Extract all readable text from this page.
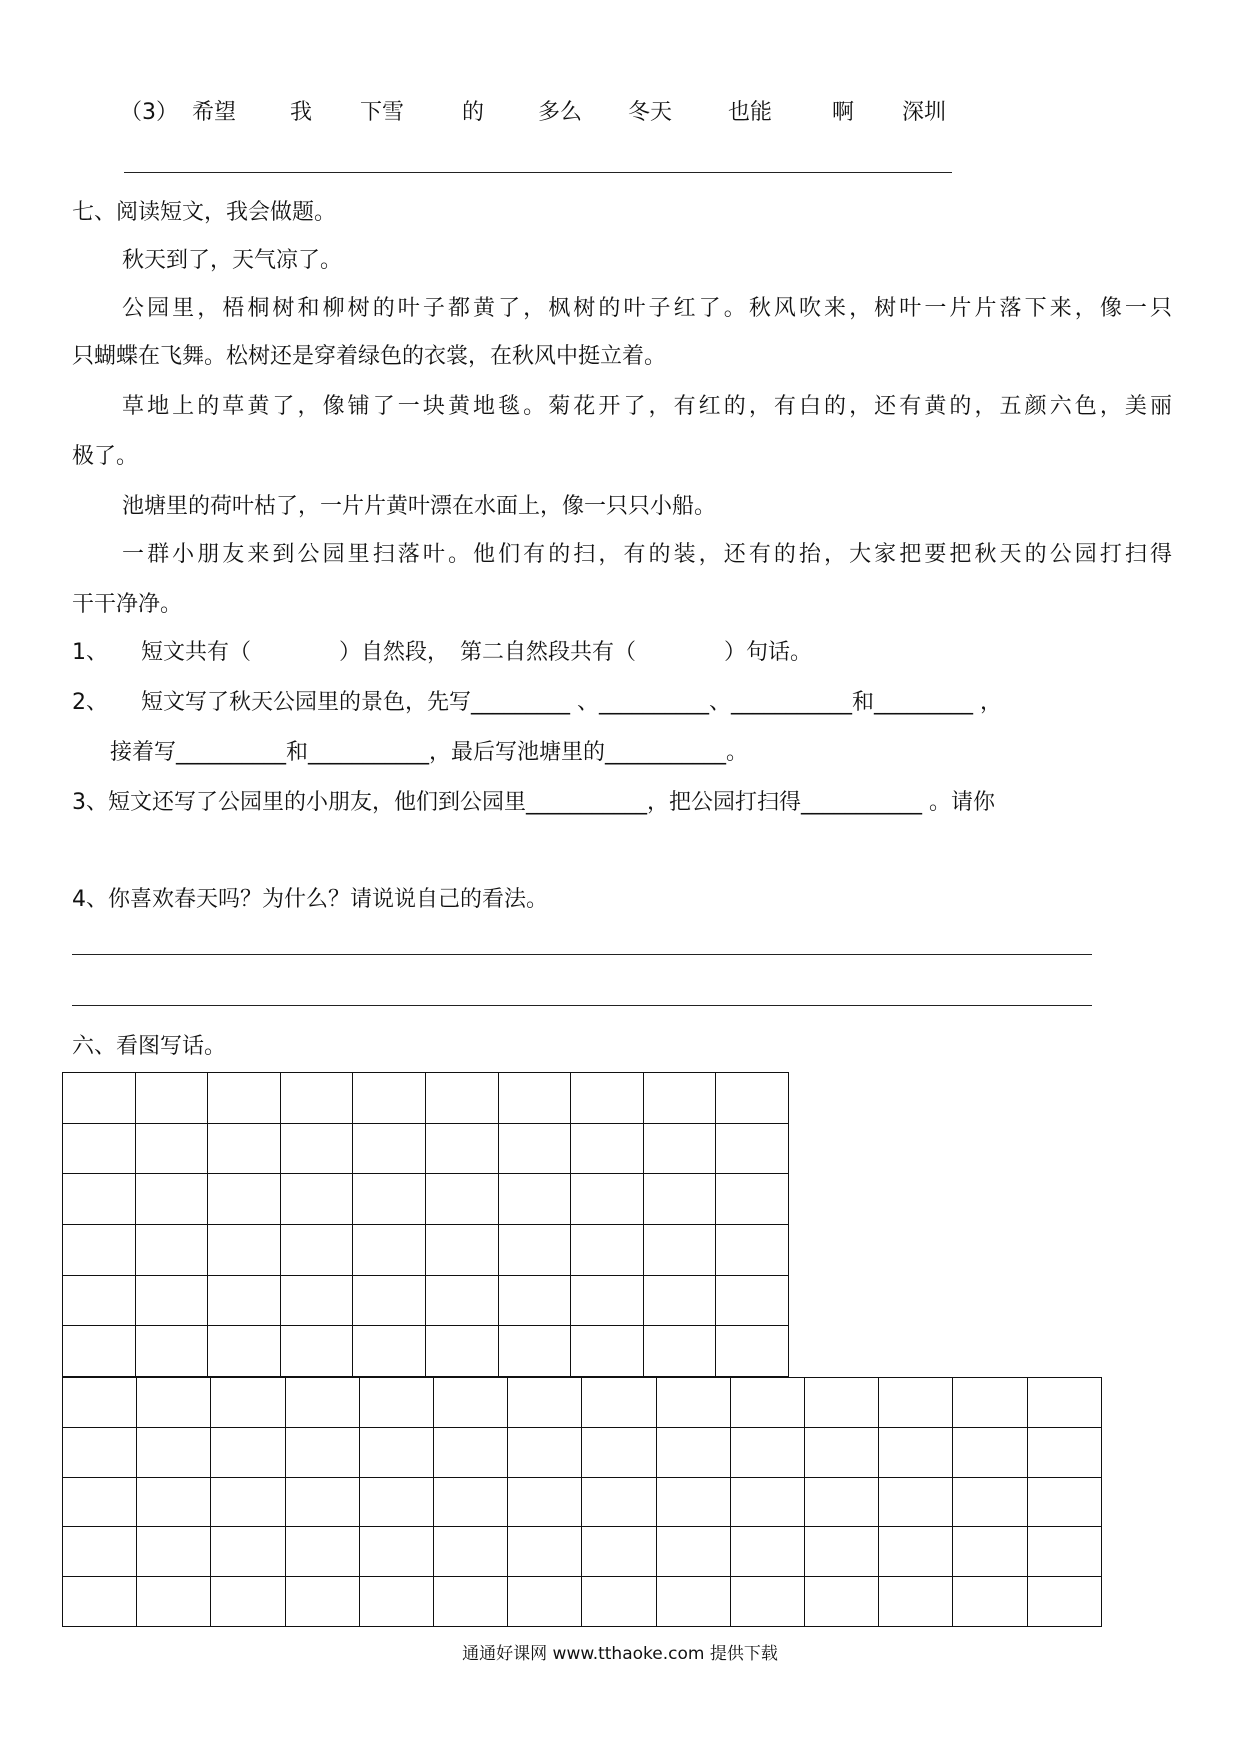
（3） 希望 我 下雪	的 多么 冬天	也能	啊 深圳
七、阅读短文，我会做题。
秋天到了，天气凉了。
公园里，梧桐树和柳树的叶子都黄了，枫树的叶子红了。秋风吹来，树叶一片片落下来，像一只
只蝴蝶在飞舞。松树还是穿着绿色的衣裳，在秋风中挺立着。
草地上的草黄了，像铺了一块黄地毯。菊花开了，有红的，有白的，还有黄的，五颜六色，美丽
极了。
池塘里的荷叶枯了，一片片黄叶漂在水面上，像一只只小船。
一群小朋友来到公园里扫落叶。他们有的扫，有的装，还有的抬，大家把要把秋天的公园打扫得
干干净净。
1、　　短文共有（　　　　）自然段，　第二自然段共有（　　　　）句话。
2、　　短文写了秋天公园里的景色，先写_________ 、__________、___________和_________ ，
接着写__________和___________，最后写池塘里的___________。
3、短文还写了公园里的小朋友，他们到公园里___________，把公园打扫得___________ 。请你
4、你喜欢春天吗？为什么？请说说自己的看法。
六、看图写话。

通通好课网 www.tthaoke.com 提供下载
